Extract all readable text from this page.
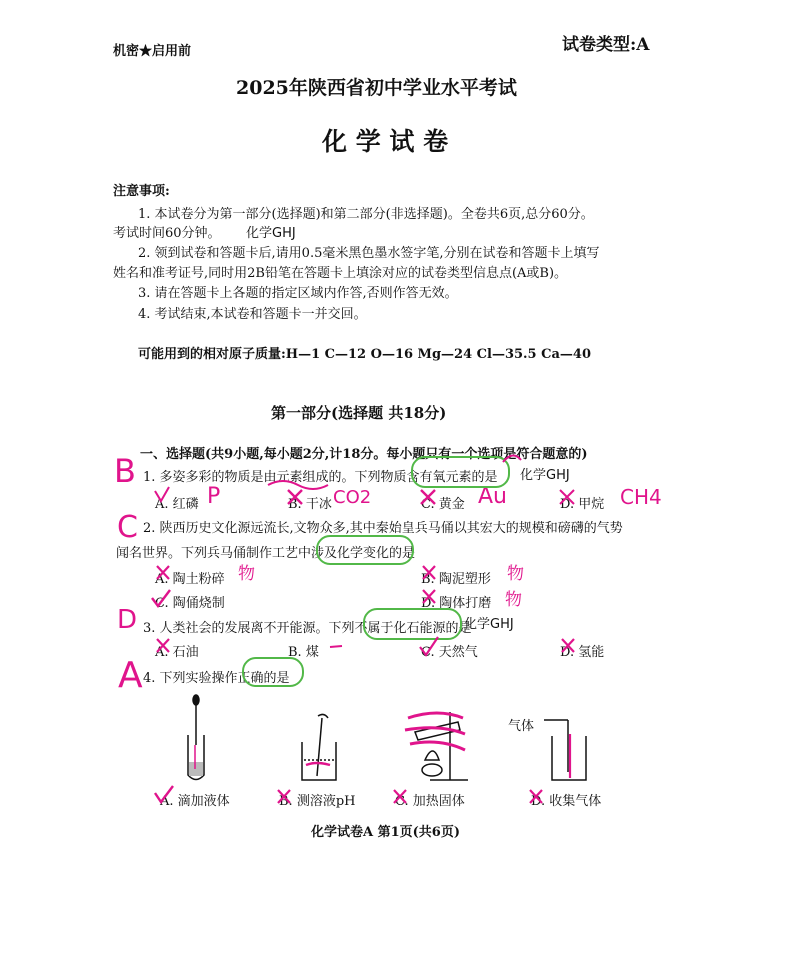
机密★启用前	试卷类型:A
2025年陕西省初中学业水平考试
化 学 试 卷
注意事项:
1. 本试卷分为第一部分(选择题)和第二部分(非选择题)。全卷共6页,总分60分。
考试时间60分钟。 化学GHJ
2. 领到试卷和答题卡后,请用0.5毫米黑色墨水签字笔,分别在试卷和答题卡上填写
姓名和准考证号,同时用2B铅笔在答题卡上填涂对应的试卷类型信息点(A或B)。
3. 请在答题卡上各题的指定区域内作答,否则作答无效。
4. 考试结束,本试卷和答题卡一并交回。
可能用到的相对原子质量:H—1 C—12 O—16 Mg—24 Cl—35.5 Ca—40
第一部分(选择题 共18分)
一、选择题(共9小题,每小题2分,计18分。每小题只有一个选项是符合题意的)
1. 多姿多彩的物质是由元素组成的。下列物质含有氧元素的是 化学GHJ
A. 红磷	B. 干冰	C. 黄金	D. 甲烷
2. 陕西历史文化源远流长,文物众多,其中秦始皇兵马俑以其宏大的规模和磅礴的气势
闻名世界。下列兵马俑制作工艺中涉及化学变化的是
A. 陶土粉碎	B. 陶泥塑形
C. 陶俑烧制	D. 陶体打磨
3. 人类社会的发展离不开能源。下列不属于化石能源的是
化学GHJ
A. 石油	B. 煤	C. 天然气	D. 氢能
4. 下列实验操作正确的是
A. 滴加液体	B. 测溶液pH	C. 加热固体	D. 收集气体
气体
化学试卷A 第1页(共6页)
B
C
D
A
P	CO2	Au	CH4
物	物
物
